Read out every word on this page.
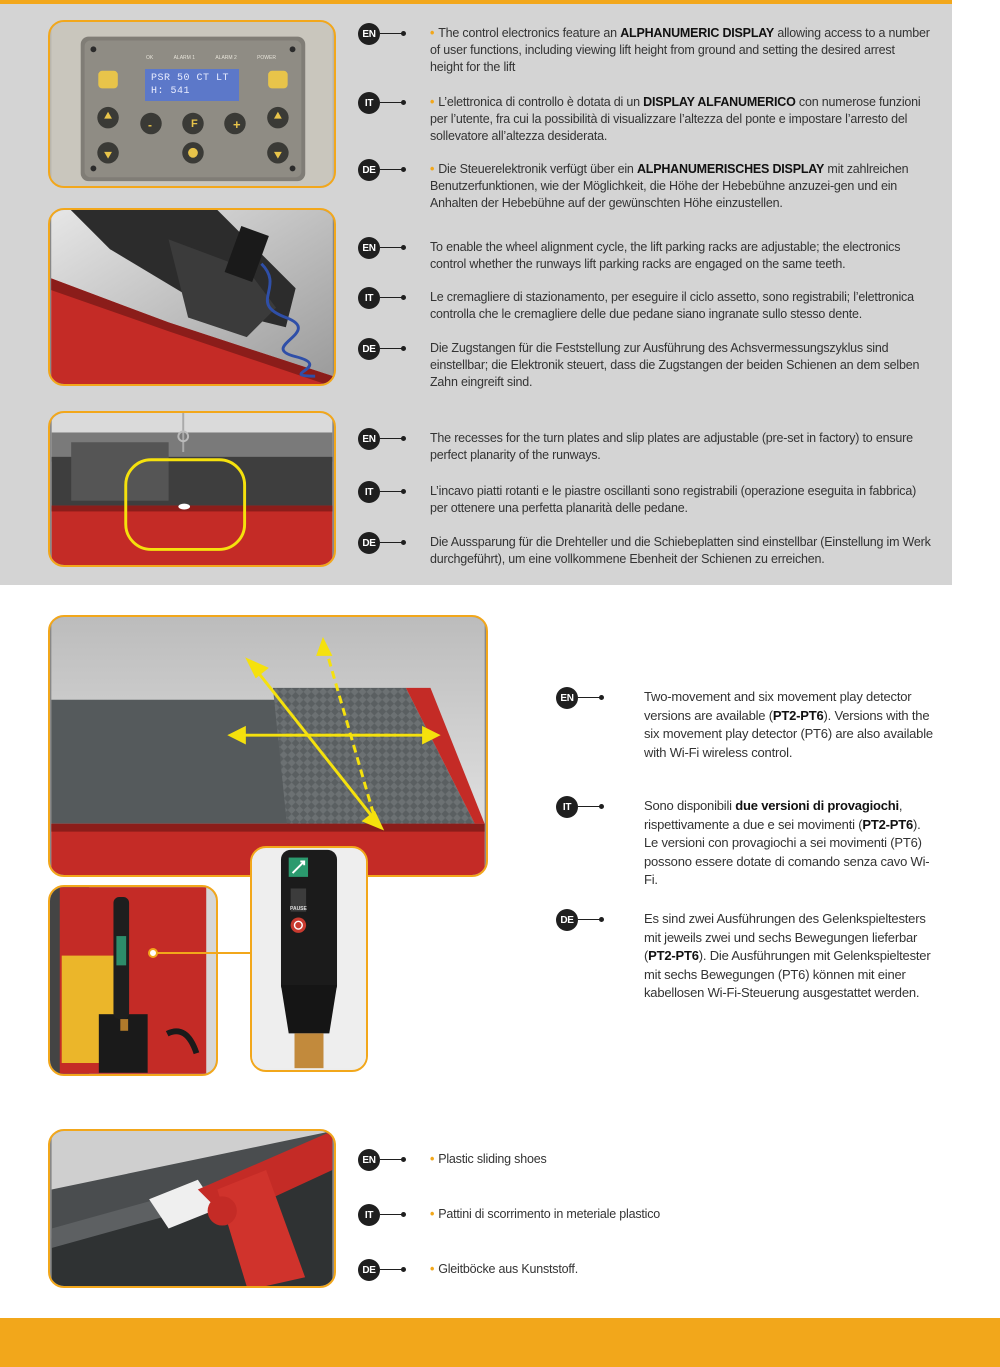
PSR 50 CT LT
H: 541
OK	ALARM 1	ALARM 2	POWER
-	F	+
EN	• The control electronics feature an ALPHANUMERIC DISPLAY allowing access to a number of user functions, including viewing lift height from ground and setting the desired arrest height for the lift
IT	• L’elettronica di controllo è dotata di un DISPLAY ALFANUMERICO con numerose funzioni per l’utente, fra cui la possibilità di visualizzare l’altezza del ponte e impostare l’arresto del sollevatore all’altezza desiderata.
DE	• Die Steuerelektronik verfügt über ein ALPHANUMERISCHES DISPLAY mit zahlreichen Benutzerfunktionen, wie der Möglichkeit, die Höhe der Hebebühne anzuzei-gen und ein Anhalten der Hebebühne auf der gewünschten Höhe einzustellen.
EN	To enable the wheel alignment cycle, the lift parking racks are adjustable; the electronics control whether the runways lift parking racks are engaged on the same teeth.
IT	Le cremagliere di stazionamento, per eseguire il ciclo assetto, sono registrabili; l’elettronica controlla che le cremagliere delle due pedane siano ingranate sullo stesso dente.
DE	Die Zugstangen für die Feststellung zur Ausführung des Achsvermessungszyklus sind einstellbar; die Elektronik steuert, dass die Zugstangen der beiden Schienen an dem selben Zahn eingreift sind.
EN	The recesses for the turn plates and slip plates are adjustable (pre-set in factory) to ensure perfect planarity of the runways.
IT	L’incavo piatti rotanti e le piastre oscillanti sono registrabili (operazione eseguita in fabbrica) per ottenere una perfetta planarità delle pedane.
DE	Die Aussparung für die Drehteller und die Schiebeplatten sind einstellbar (Einstellung im Werk durchgeführt), um eine vollkommene Ebenheit der Schienen zu erreichen.
PAUSE
EN	Two-movement and six movement play detector versions are available (PT2-PT6). Versions with the six movement play detector (PT6) are also available with Wi-Fi wireless control.
IT	Sono disponibili due versioni di provagiochi, rispettivamente a due e sei movimenti (PT2-PT6). Le versioni con provagiochi a sei movimenti (PT6) possono essere dotate di comando senza cavo Wi-Fi.
DE	Es sind zwei Ausführungen des Gelenkspieltesters mit jeweils zwei und sechs Bewegungen lieferbar (PT2-PT6). Die Ausführungen mit Gelenkspieltester mit sechs Bewegungen (PT6) können mit einer kabellosen Wi-Fi-Steuerung ausgestattet werden.
EN	• Plastic sliding shoes
IT	• Pattini di scorrimento in meteriale plastico
DE	• Gleitböcke aus Kunststoff.
